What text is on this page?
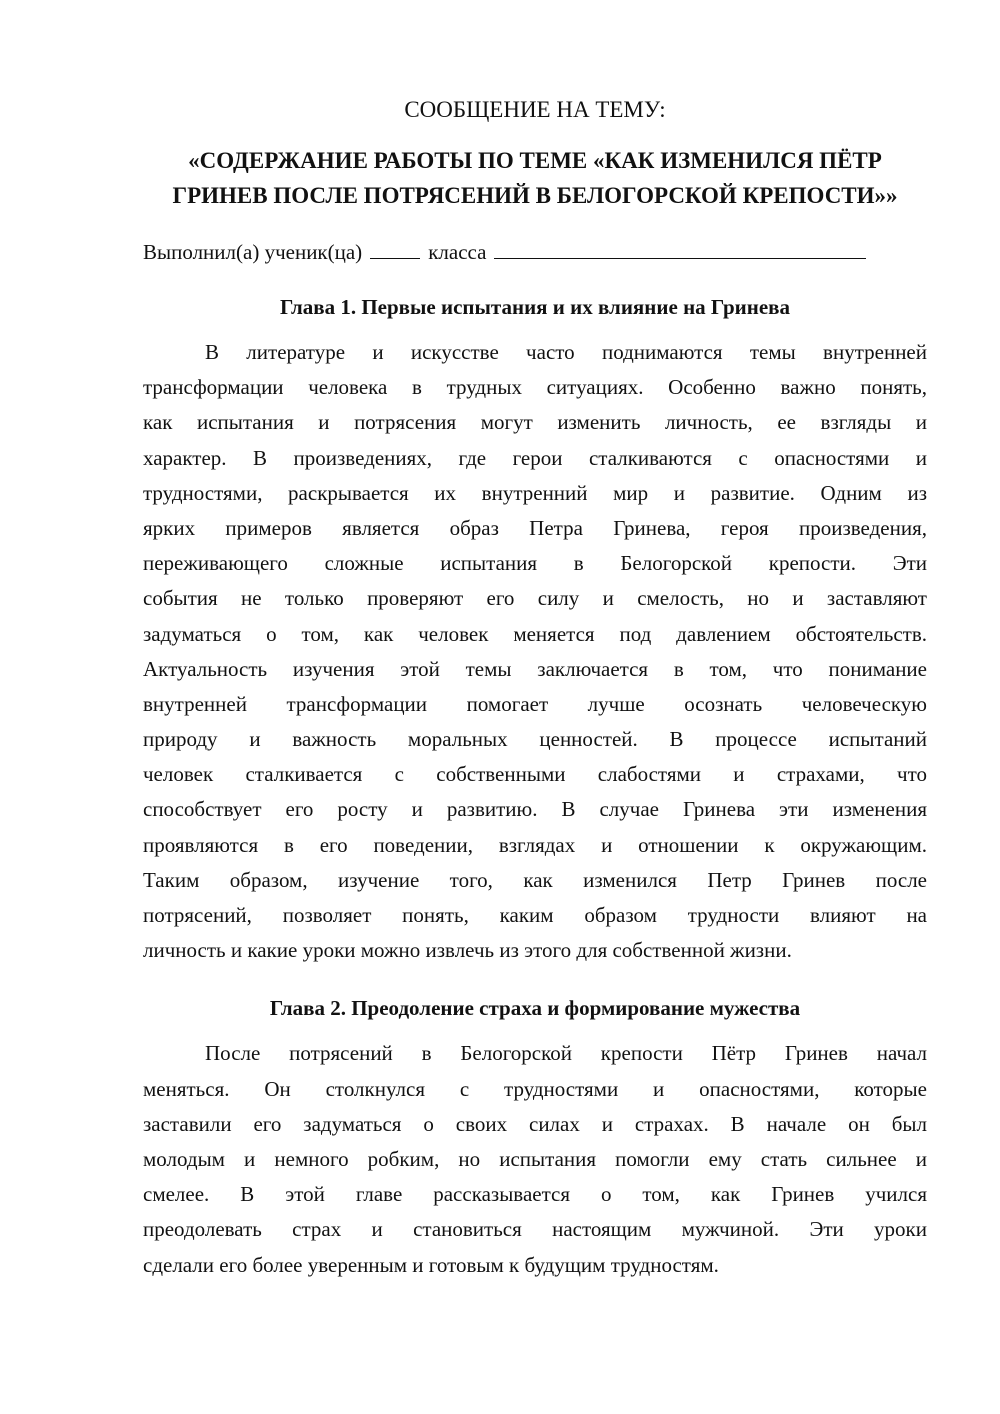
СООБЩЕНИЕ НА ТЕМУ:

«СОДЕРЖАНИЕ РАБОТЫ ПО ТЕМЕ «КАК ИЗМЕНИЛСЯ ПЁТР

ГРИНЕВ ПОСЛЕ ПОТРЯСЕНИЙ В БЕЛОГОРСКОЙ КРЕПОСТИ»»

Выполнил(а) ученик(ца)	класса

Глава 1. Первые испытания и их влияние на Гринева

В литературе и искусстве часто поднимаются темы внутренней
трансформации человека в трудных ситуациях. Особенно важно понять,
как испытания и потрясения могут изменить личность, ее взгляды и
характер. В произведениях, где герои сталкиваются с опасностями и
трудностями, раскрывается их внутренний мир и развитие. Одним из
ярких примеров является образ Петра Гринева, героя произведения,
переживающего сложные испытания в Белогорской крепости. Эти
события не только проверяют его силу и смелость, но и заставляют
задуматься о том, как человек меняется под давлением обстоятельств.
Актуальность изучения этой темы заключается в том, что понимание
внутренней трансформации помогает лучше осознать человеческую
природу и важность моральных ценностей. В процессе испытаний
человек сталкивается с собственными слабостями и страхами, что
способствует его росту и развитию. В случае Гринева эти изменения
проявляются в его поведении, взглядах и отношении к окружающим.
Таким образом, изучение того, как изменился Петр Гринев после
потрясений, позволяет понять, каким образом трудности влияют на
личность и какие уроки можно извлечь из этого для собственной жизни.

Глава 2. Преодоление страха и формирование мужества

После потрясений в Белогорской крепости Пётр Гринев начал
меняться. Он столкнулся с трудностями и опасностями, которые
заставили его задуматься о своих силах и страхах. В начале он был
молодым и немного робким, но испытания помогли ему стать сильнее и
смелее. В этой главе рассказывается о том, как Гринев учился
преодолевать страх и становиться настоящим мужчиной. Эти уроки
сделали его более уверенным и готовым к будущим трудностям.
